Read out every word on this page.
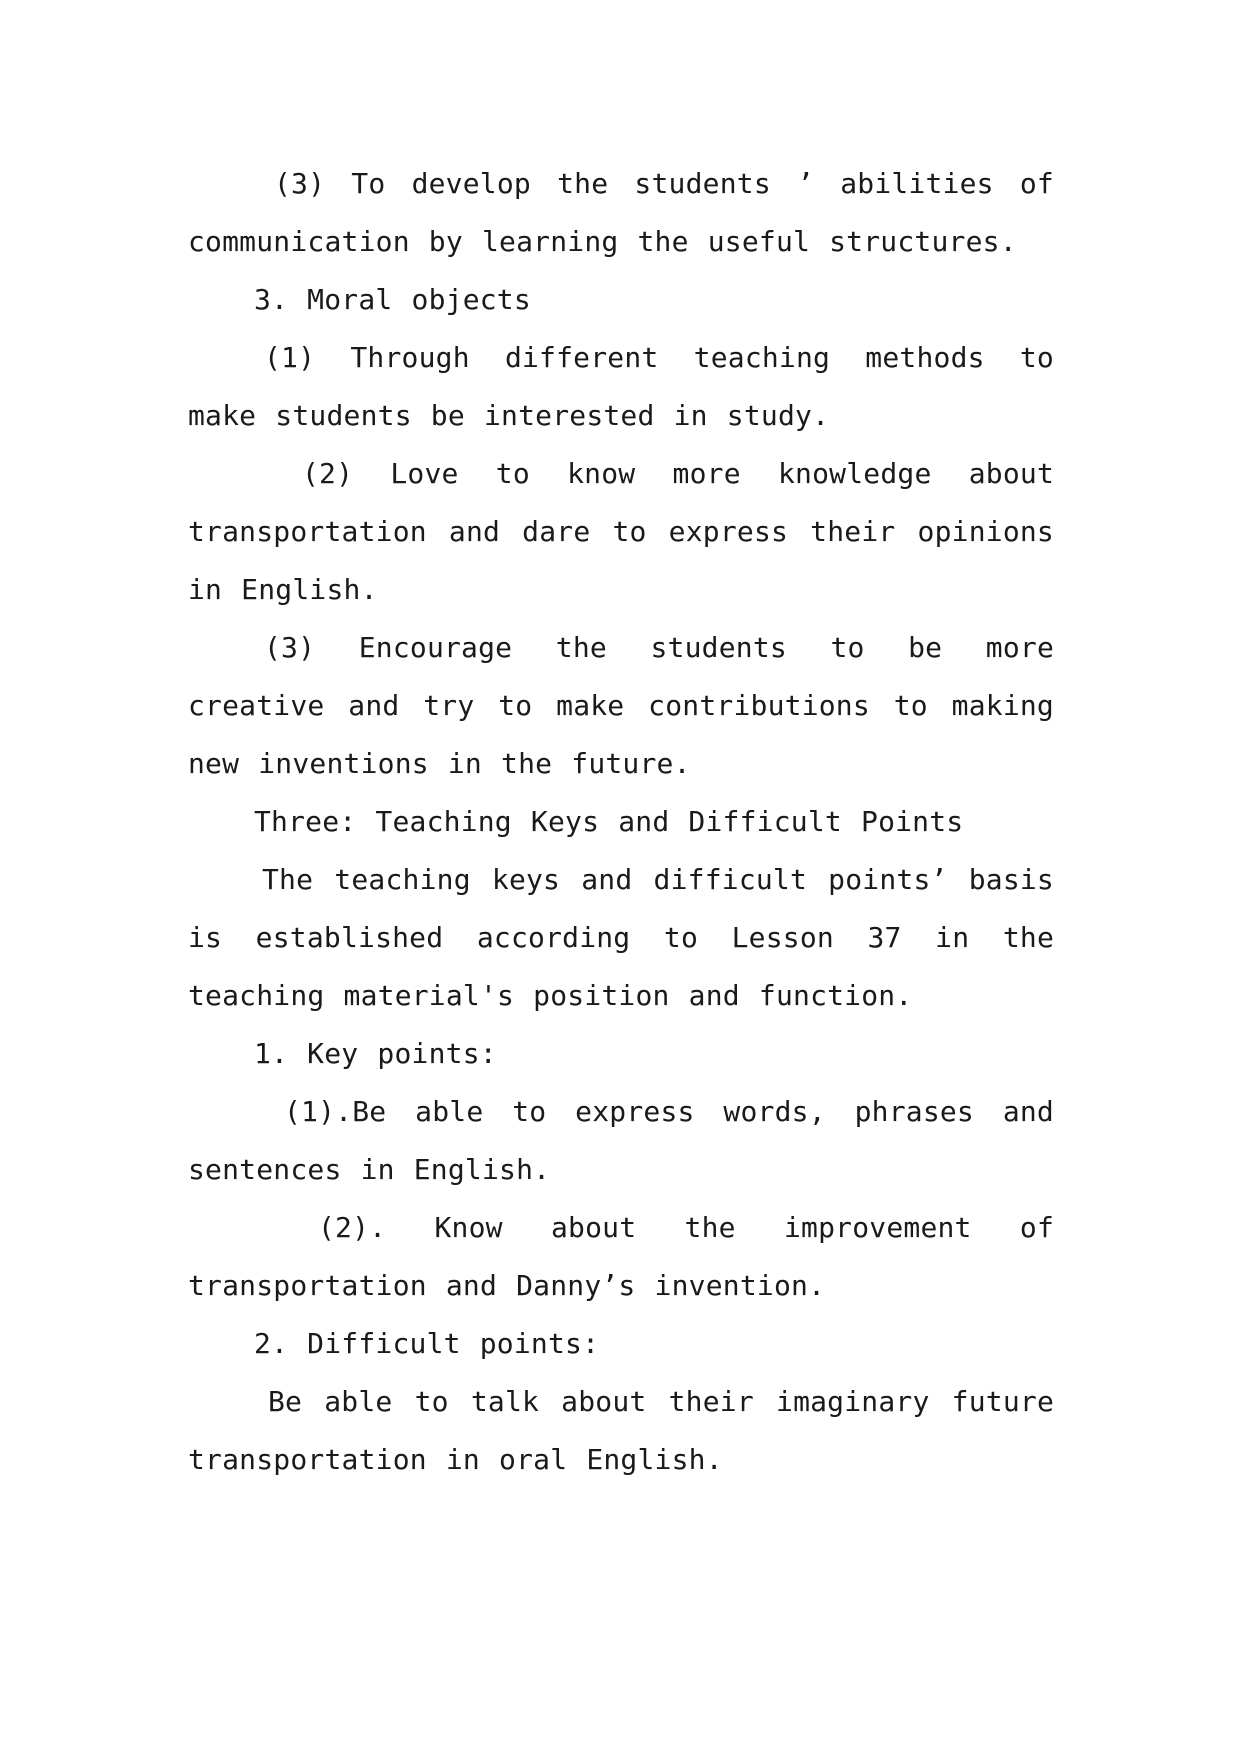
(3) To develop the students ’ abilities of communication by learning the useful structures.

3. Moral objects

(1) Through different teaching methods to make students be interested in study.

(2) Love to know more knowledge about transportation and dare to express their opinions in English.

(3) Encourage the students to be more creative and try to make contributions to making new inventions in the future.

Three: Teaching Keys and Difficult Points

The teaching keys and difficult points’ basis is established according to Lesson 37 in the teaching material's position and function.

1. Key points:

(1).Be able to express words, phrases and sentences in English.

(2). Know about the improvement of transportation and Danny’s invention.

2. Difficult points:

Be able to talk about their imaginary future transportation in oral English.
